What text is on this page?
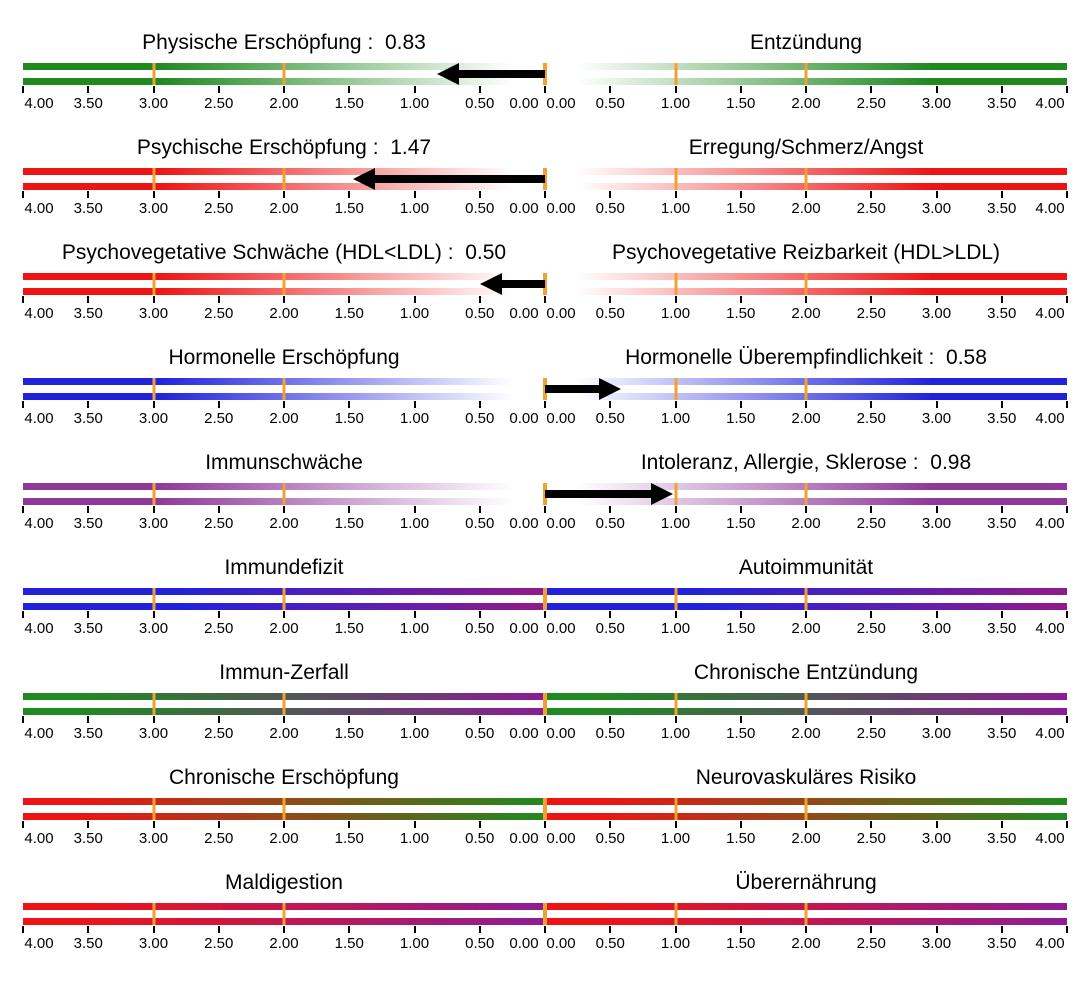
Physische Erschöpfung :  0.83	Entzündung
4.00 3.50 3.00 2.50 2.00 1.50 1.00 0.50 0.00 0.00 0.50 1.00 1.50 2.00 2.50 3.00 3.50 4.00
Psychische Erschöpfung :  1.47	Erregung/Schmerz/Angst
4.00 3.50 3.00 2.50 2.00 1.50 1.00 0.50 0.00 0.00 0.50 1.00 1.50 2.00 2.50 3.00 3.50 4.00
Psychovegetative Schwäche (HDL<LDL) :  0.50	Psychovegetative Reizbarkeit (HDL>LDL)
4.00 3.50 3.00 2.50 2.00 1.50 1.00 0.50 0.00 0.00 0.50 1.00 1.50 2.00 2.50 3.00 3.50 4.00
Hormonelle Erschöpfung	Hormonelle Überempfindlichkeit :  0.58
4.00 3.50 3.00 2.50 2.00 1.50 1.00 0.50 0.00 0.00 0.50 1.00 1.50 2.00 2.50 3.00 3.50 4.00
Immunschwäche	Intoleranz, Allergie, Sklerose :  0.98
4.00 3.50 3.00 2.50 2.00 1.50 1.00 0.50 0.00 0.00 0.50 1.00 1.50 2.00 2.50 3.00 3.50 4.00
Immundefizit	Autoimmunität
4.00 3.50 3.00 2.50 2.00 1.50 1.00 0.50 0.00 0.00 0.50 1.00 1.50 2.00 2.50 3.00 3.50 4.00
Immun-Zerfall	Chronische Entzündung
4.00 3.50 3.00 2.50 2.00 1.50 1.00 0.50 0.00 0.00 0.50 1.00 1.50 2.00 2.50 3.00 3.50 4.00
Chronische Erschöpfung	Neurovaskuläres Risiko
4.00 3.50 3.00 2.50 2.00 1.50 1.00 0.50 0.00 0.00 0.50 1.00 1.50 2.00 2.50 3.00 3.50 4.00
Maldigestion	Überernährung
4.00 3.50 3.00 2.50 2.00 1.50 1.00 0.50 0.00 0.00 0.50 1.00 1.50 2.00 2.50 3.00 3.50 4.00
